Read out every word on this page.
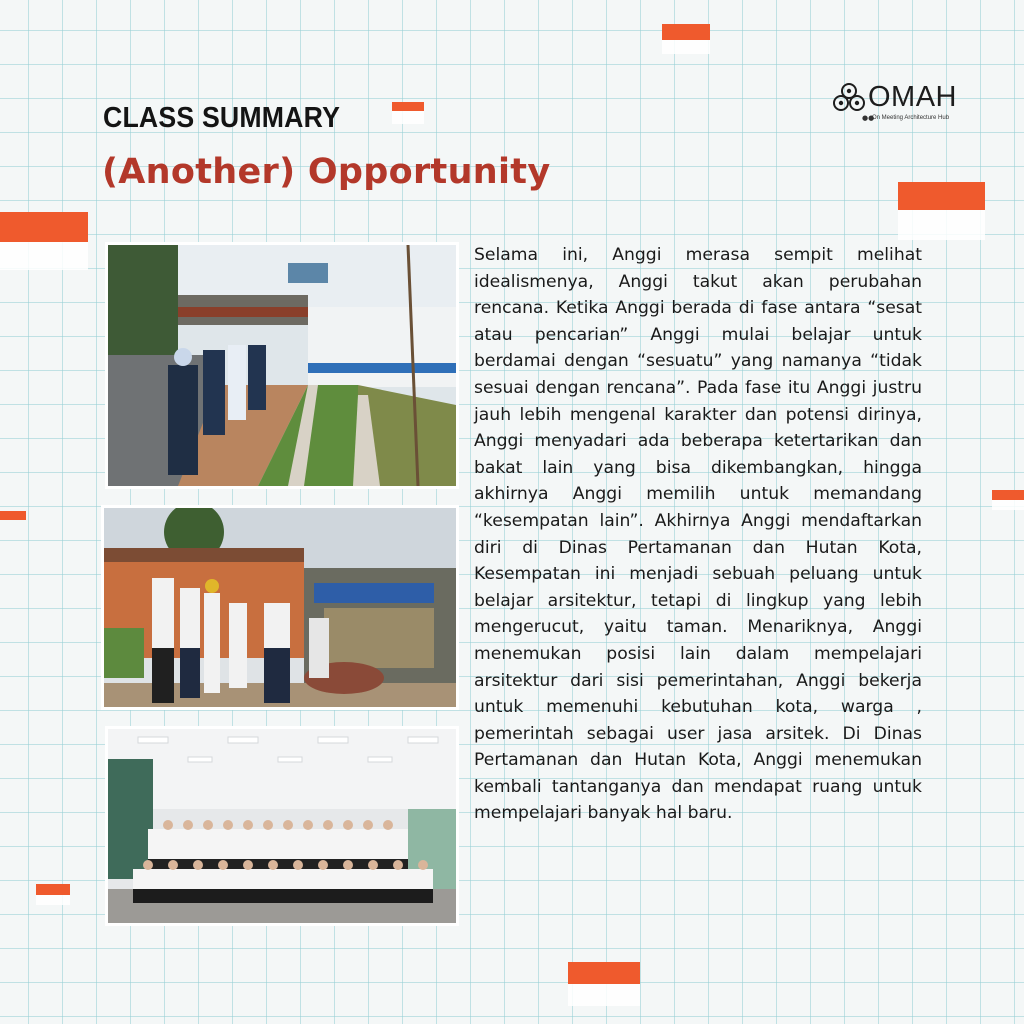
CLASS SUMMARY
(Another) Opportunity
OMAH
●●
On Meeting Architecture Hub

Selama ini, Anggi merasa sempit melihat idealismenya, Anggi takut akan perubahan rencana. Ketika Anggi berada di fase antara “sesat atau pencarian” Anggi mulai belajar untuk berdamai dengan “sesuatu” yang namanya “tidak sesuai dengan rencana”. Pada fase itu Anggi justru jauh lebih mengenal karakter dan potensi dirinya, Anggi menyadari ada beberapa ketertarikan dan bakat lain yang bisa dikembangkan, hingga akhirnya Anggi memilih untuk memandang “kesempatan lain”. Akhirnya Anggi mendaftarkan diri di Dinas Pertamanan dan Hutan Kota, Kesempatan ini menjadi sebuah peluang untuk belajar arsitektur, tetapi di lingkup yang lebih mengerucut, yaitu taman. Menariknya, Anggi menemukan posisi lain dalam mempelajari arsitektur dari sisi pemerintahan, Anggi bekerja untuk memenuhi kebutuhan kota, warga , pemerintah sebagai user jasa arsitek. Di Dinas Pertamanan dan Hutan Kota, Anggi menemukan kembali tantanganya dan mendapat ruang untuk mempelajari banyak hal baru.
